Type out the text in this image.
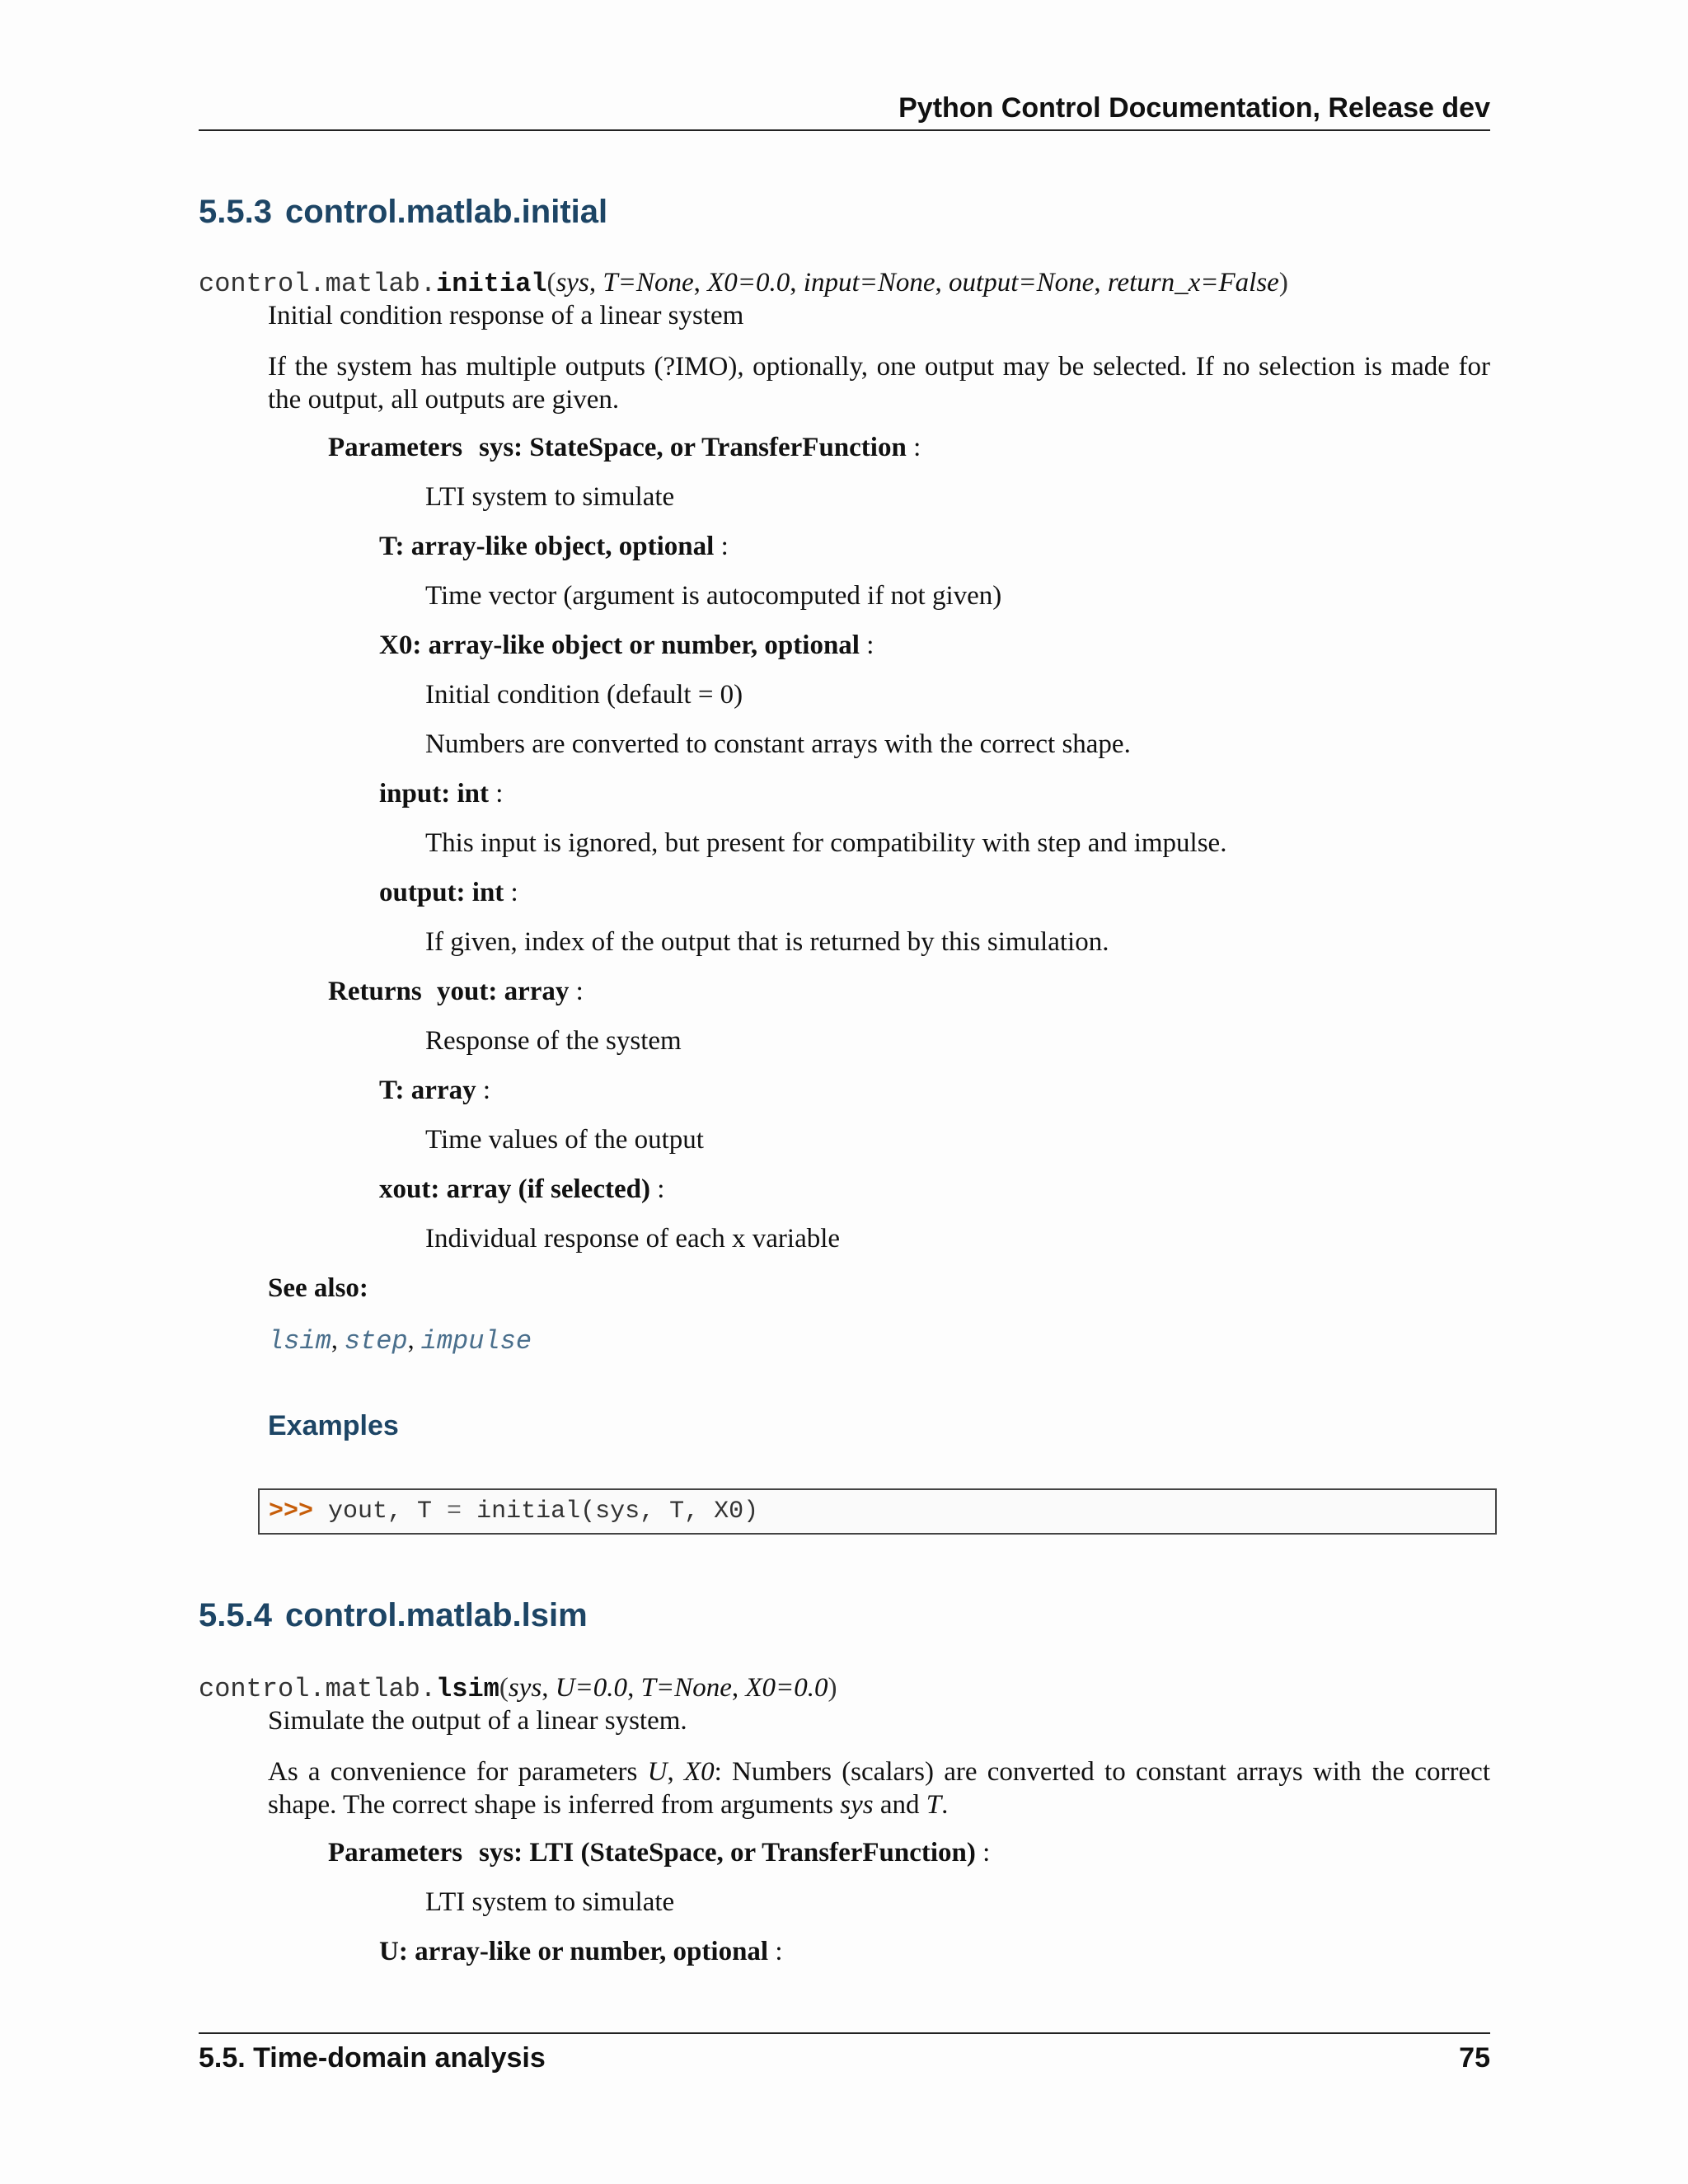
Python Control Documentation, Release dev
5.5.3 control.matlab.initial
control.matlab.initial(sys, T=None, X0=0.0, input=None, output=None, return_x=False)
Initial condition response of a linear system
If the system has multiple outputs (?IMO), optionally, one output may be selected. If no selection is made for the output, all outputs are given.
Parameters sys: StateSpace, or TransferFunction :
LTI system to simulate
T: array-like object, optional :
Time vector (argument is autocomputed if not given)
X0: array-like object or number, optional :
Initial condition (default = 0)
Numbers are converted to constant arrays with the correct shape.
input: int :
This input is ignored, but present for compatibility with step and impulse.
output: int :
If given, index of the output that is returned by this simulation.
Returns yout: array :
Response of the system
T: array :
Time values of the output
xout: array (if selected) :
Individual response of each x variable
See also:
lsim, step, impulse
Examples
>>> yout, T = initial(sys, T, X0)
5.5.4 control.matlab.lsim
control.matlab.lsim(sys, U=0.0, T=None, X0=0.0)
Simulate the output of a linear system.
As a convenience for parameters U, X0: Numbers (scalars) are converted to constant arrays with the correct shape. The correct shape is inferred from arguments sys and T.
Parameters sys: LTI (StateSpace, or TransferFunction) :
LTI system to simulate
U: array-like or number, optional :
5.5. Time-domain analysis	75
